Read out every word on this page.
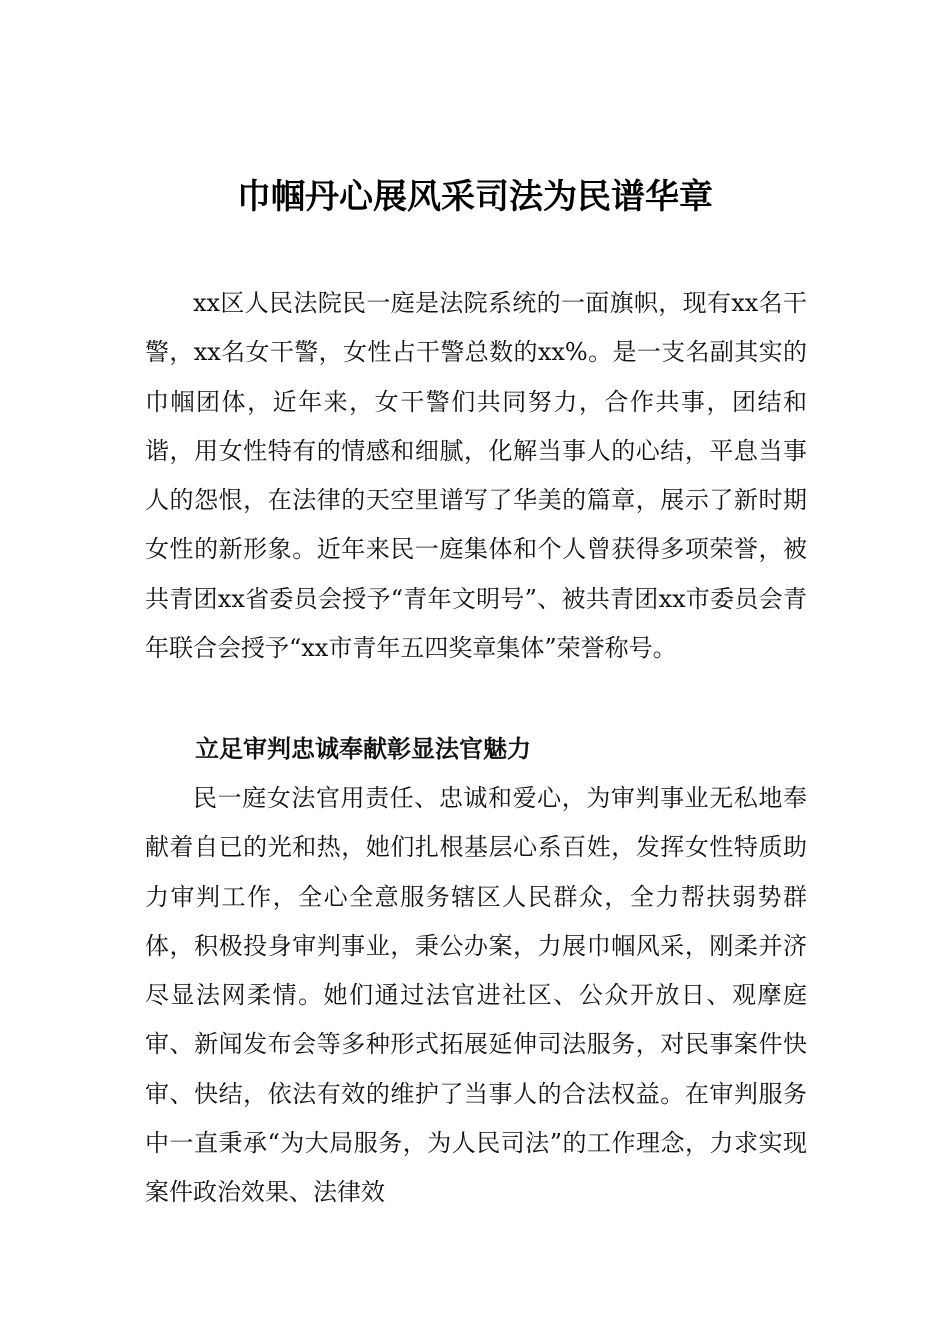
巾帼丹心展风采司法为民谱华章

xx区人民法院民一庭是法院系统的一面旗帜，现有xx名干警，xx名女干警，女性占干警总数的xx%。是一支名副其实的巾帼团体，近年来，女干警们共同努力，合作共事，团结和谐，用女性特有的情感和细腻，化解当事人的心结，平息当事人的怨恨，在法律的天空里谱写了华美的篇章，展示了新时期女性的新形象。近年来民一庭集体和个人曾获得多项荣誉，被共青团xx省委员会授予“青年文明号”、被共青团xx市委员会青年联合会授予“xx市青年五四奖章集体”荣誉称号。

立足审判忠诚奉献彰显法官魅力

民一庭女法官用责任、忠诚和爱心，为审判事业无私地奉献着自已的光和热，她们扎根基层心系百姓，发挥女性特质助力审判工作，全心全意服务辖区人民群众，全力帮扶弱势群体，积极投身审判事业，秉公办案，力展巾帼风采，刚柔并济尽显法网柔情。她们通过法官进社区、公众开放日、观摩庭审、新闻发布会等多种形式拓展延伸司法服务，对民事案件快审、快结，依法有效的维护了当事人的合法权益。在审判服务中一直秉承“为大局服务，为人民司法”的工作理念，力求实现案件政治效果、法律效
